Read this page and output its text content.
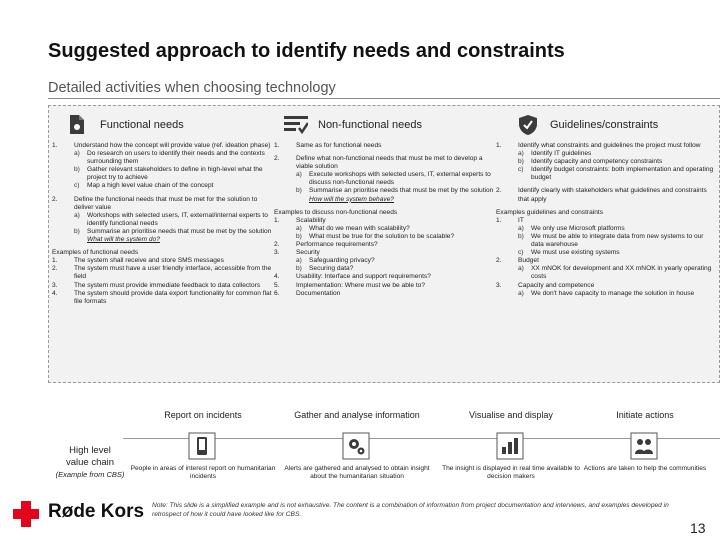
Suggested approach to identify needs and constraints
Detailed activities when choosing technology
Functional needs
1.	Understand how the concept will provide value (ref. ideation phase)
a)	Do research on users to identify their needs and the contexts surrounding them
b)	Gather relevant stakeholders to define in high-level what the project try to achieve
c)	Map a high level value chain of the concept
2.	Define the functional needs that must be met for the solution to deliver value
a)	Workshops with selected users, IT, external/internal experts to identify functional needs
b)	Summarise an prioritise needs that must be met by the solution
What will the system do?
Examples of functional needs
1.	The system shall receive and store SMS messages
2.	The system must have a user friendly interface, accessible from the field
3.	The system must provide immediate feedback to data collectors
4.	The system should provide data export functionality for common flat file formats
Non-functional needs
1.	Same as for functional needs
2.	Define what non-functional needs that must be met to develop a viable solution
a)	Execute workshops with selected users, IT, external experts to discuss non-functional needs
b)	Summarise an prioritise needs that must be met by the solution
How will the system behave?
Examples to discuss non-functional needs
1.	Scalability
a)	What do we mean with scalability?
b)	What must be true for the solution to be scalable?
2.	Performance requirements?
3.	Security
a)	Safeguarding privacy?
b)	Securing data?
4.	Usability: Interface and support requirements?
5.	Implementation: Where must we be able to?
6.	Documentation
Guidelines/constraints
1.	Identify what constraints and guidelines the project must follow
a)	Identify IT guidelines
b)	Identify capacity and competency constraints
c)	Identify budget constraints: both implementation and operating budget
2.	Identify clearly with stakeholders what guidelines and constraints that apply
Examples guidelines and constraints
1.	IT
a)	We only use Microsoft platforms
b)	We must be able to integrate data from new systems to our data warehouse
c)	We must use existing systems
2.	Budget
a)	XX mNOK for development and XX mNOK in yearly operating costs
3.	Capacity and competence
a)	We don't have capacity to manage the solution in house
Report on incidents
People in areas of interest report on humanitarian incidents
Gather and analyse information
Alerts are gathered and analysed to obtain insight about the humanitarian situation
Visualise and display
The insight is displayed in real time available to decision makers
Initiate actions
Actions are taken to help the communities
High level
value chain
(Example from CBS)
Røde Kors Note: This slide is a simplified example and is not exhaustive. The content is a combination of information from project documentation and interviews, and examples developed in retrospect of how it could have looked like for CBS.
13
